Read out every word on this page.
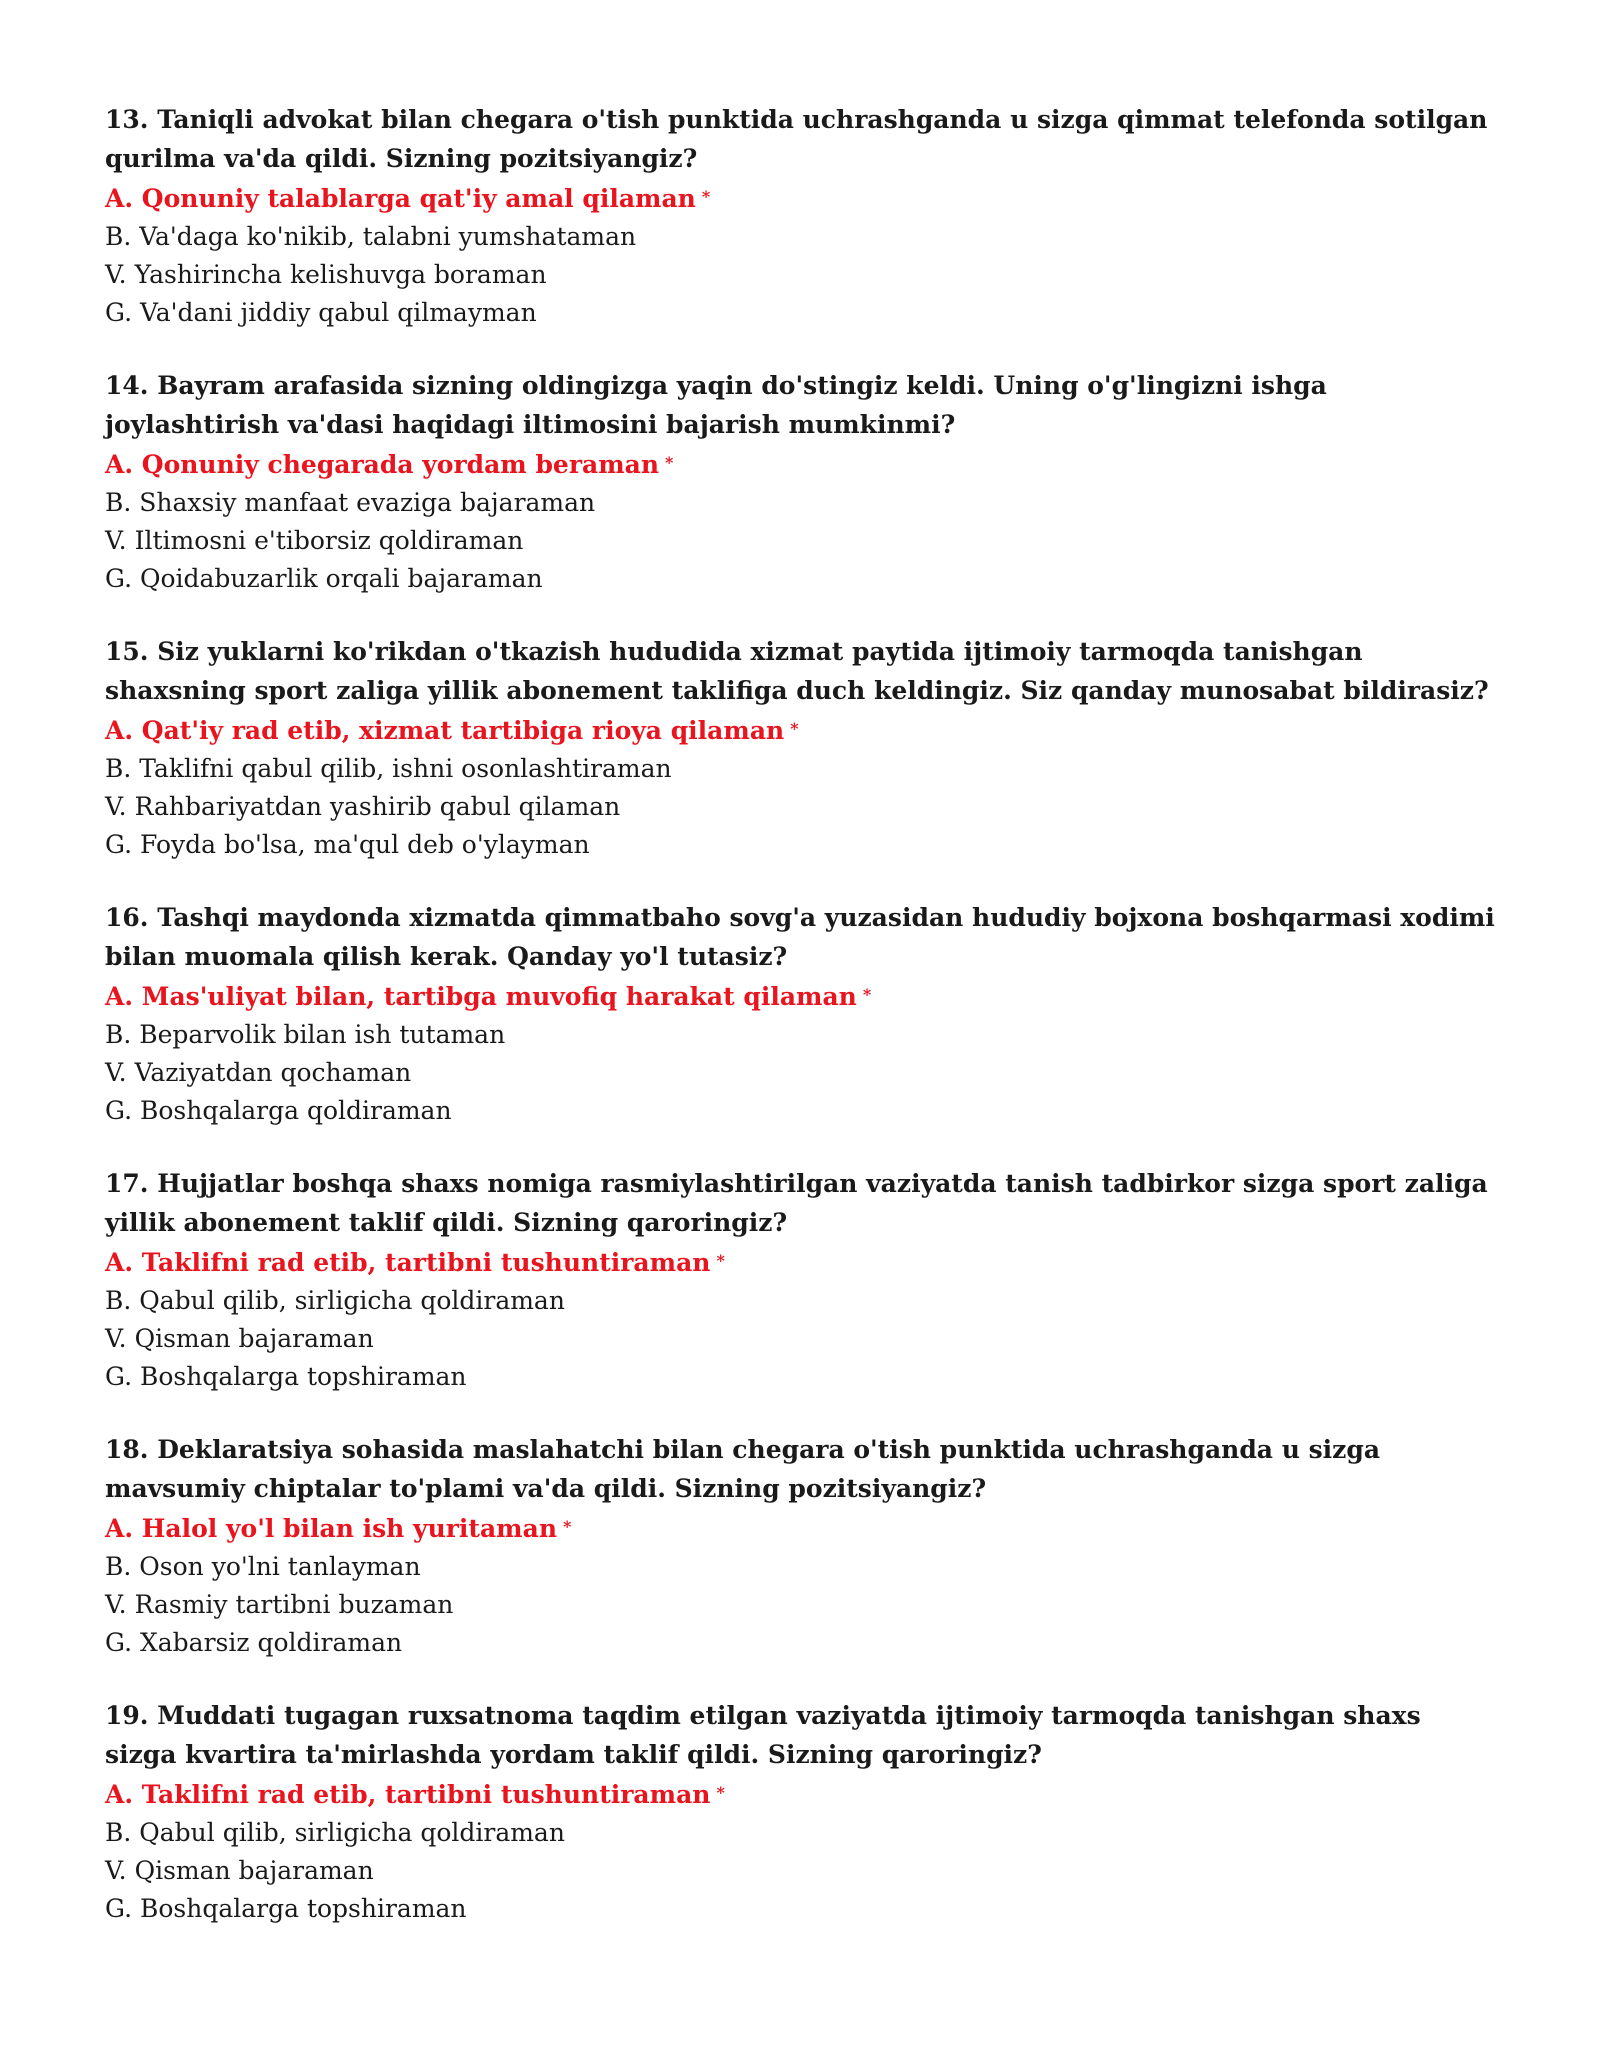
13. Taniqli advokat bilan chegara o'tish punktida uchrashganda u sizga qimmat telefonda sotilgan qurilma va'da qildi. Sizning pozitsiyangiz?
A. Qonuniy talablarga qat'iy amal qilaman *
B. Va'daga ko'nikib, talabni yumshataman
V. Yashirincha kelishuvga boraman
G. Va'dani jiddiy qabul qilmayman
14. Bayram arafasida sizning oldingizga yaqin do'stingiz keldi. Uning o'g'lingizni ishga joylashtirish va'dasi haqidagi iltimosini bajarish mumkinmi?
A. Qonuniy chegarada yordam beraman *
B. Shaxsiy manfaat evaziga bajaraman
V. Iltimosni e'tiborsiz qoldiraman
G. Qoidabuzarlik orqali bajaraman
15. Siz yuklarni ko'rikdan o'tkazish hududida xizmat paytida ijtimoiy tarmoqda tanishgan shaxsning sport zaliga yillik abonement taklifiga duch keldingiz. Siz qanday munosabat bildirasiz?
A. Qat'iy rad etib, xizmat tartibiga rioya qilaman *
B. Taklifni qabul qilib, ishni osonlashtiraman
V. Rahbariyatdan yashirib qabul qilaman
G. Foyda bo'lsa, ma'qul deb o'ylayman
16. Tashqi maydonda xizmatda qimmatbaho sovg'a yuzasidan hududiy bojxona boshqarmasi xodimi bilan muomala qilish kerak. Qanday yo'l tutasiz?
A. Mas'uliyat bilan, tartibga muvofiq harakat qilaman *
B. Beparvolik bilan ish tutaman
V. Vaziyatdan qochaman
G. Boshqalarga qoldiraman
17. Hujjatlar boshqa shaxs nomiga rasmiylashtirilgan vaziyatda tanish tadbirkor sizga sport zaliga yillik abonement taklif qildi. Sizning qaroringiz?
A. Taklifni rad etib, tartibni tushuntiraman *
B. Qabul qilib, sirligicha qoldiraman
V. Qisman bajaraman
G. Boshqalarga topshiraman
18. Deklaratsiya sohasida maslahatchi bilan chegara o'tish punktida uchrashganda u sizga mavsumiy chiptalar to'plami va'da qildi. Sizning pozitsiyangiz?
A. Halol yo'l bilan ish yuritaman *
B. Oson yo'lni tanlayman
V. Rasmiy tartibni buzaman
G. Xabarsiz qoldiraman
19. Muddati tugagan ruxsatnoma taqdim etilgan vaziyatda ijtimoiy tarmoqda tanishgan shaxs sizga kvartira ta'mirlashda yordam taklif qildi. Sizning qaroringiz?
A. Taklifni rad etib, tartibni tushuntiraman *
B. Qabul qilib, sirligicha qoldiraman
V. Qisman bajaraman
G. Boshqalarga topshiraman
